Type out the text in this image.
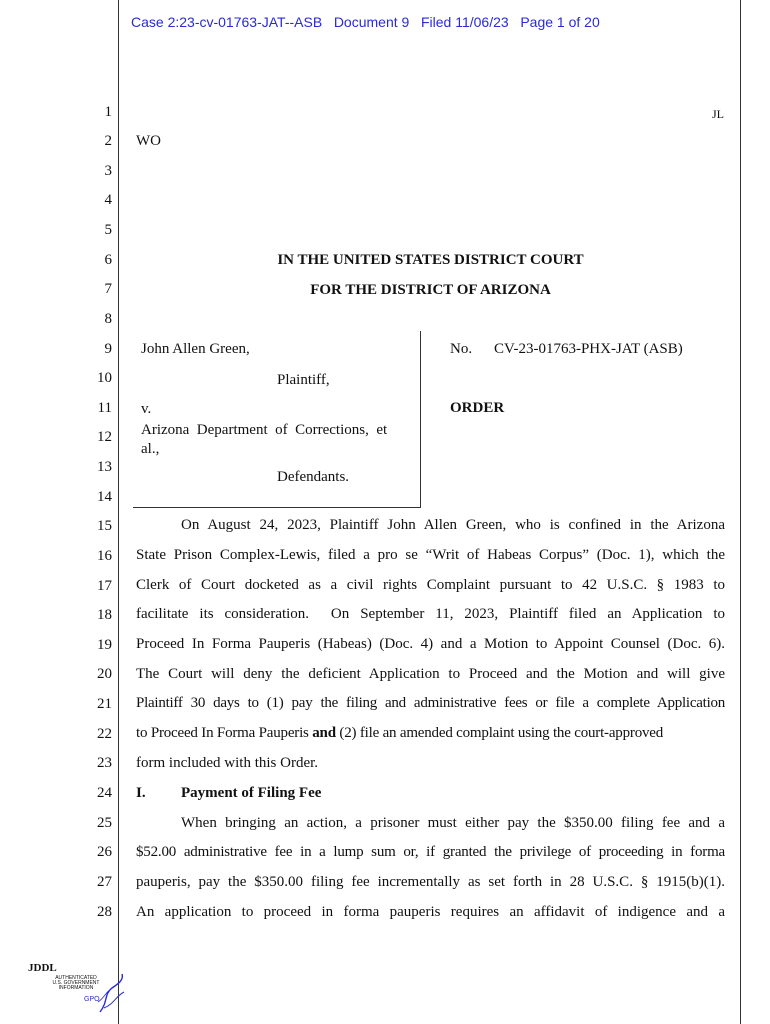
Case 2:23-cv-01763-JAT--ASB   Document 9   Filed 11/06/23   Page 1 of 20
1
2
3
4
5
6
7
8
9
10
11
12
13
14
15
16
17
18
19
20
21
22
23
24
25
26
27
28
JL
WO
IN THE UNITED STATES DISTRICT COURT
FOR THE DISTRICT OF ARIZONA
John Allen Green,
Plaintiff,
v.
Arizona  Department  of  Corrections,  et
al.,
Defendants.
No. CV-23-01763-PHX-JAT (ASB)
ORDER
On August 24, 2023, Plaintiff John Allen Green, who is confined in the Arizona
State Prison Complex-Lewis, filed a pro se “Writ of Habeas Corpus” (Doc. 1), which the
Clerk of Court docketed as a civil rights Complaint pursuant to 42 U.S.C. § 1983 to
facilitate its consideration.  On September 11, 2023, Plaintiff filed an Application to
Proceed In Forma Pauperis (Habeas) (Doc. 4) and a Motion to Appoint Counsel (Doc. 6).
The Court will deny the deficient Application to Proceed and the Motion and will give
Plaintiff 30 days to (1) pay the filing and administrative fees or file a complete Application
to Proceed In Forma Pauperis and (2) file an amended complaint using the court-approved
form included with this Order.
I. Payment of Filing Fee
When bringing an action, a prisoner must either pay the $350.00 filing fee and a
$52.00 administrative fee in a lump sum or, if granted the privilege of proceeding in forma
pauperis, pay the $350.00 filing fee incrementally as set forth in 28 U.S.C. § 1915(b)(1).
An application to proceed in forma pauperis requires an affidavit of indigence and a
JDDL
AUTHENTICATED
U.S. GOVERNMENT
INFORMATION
GPO
